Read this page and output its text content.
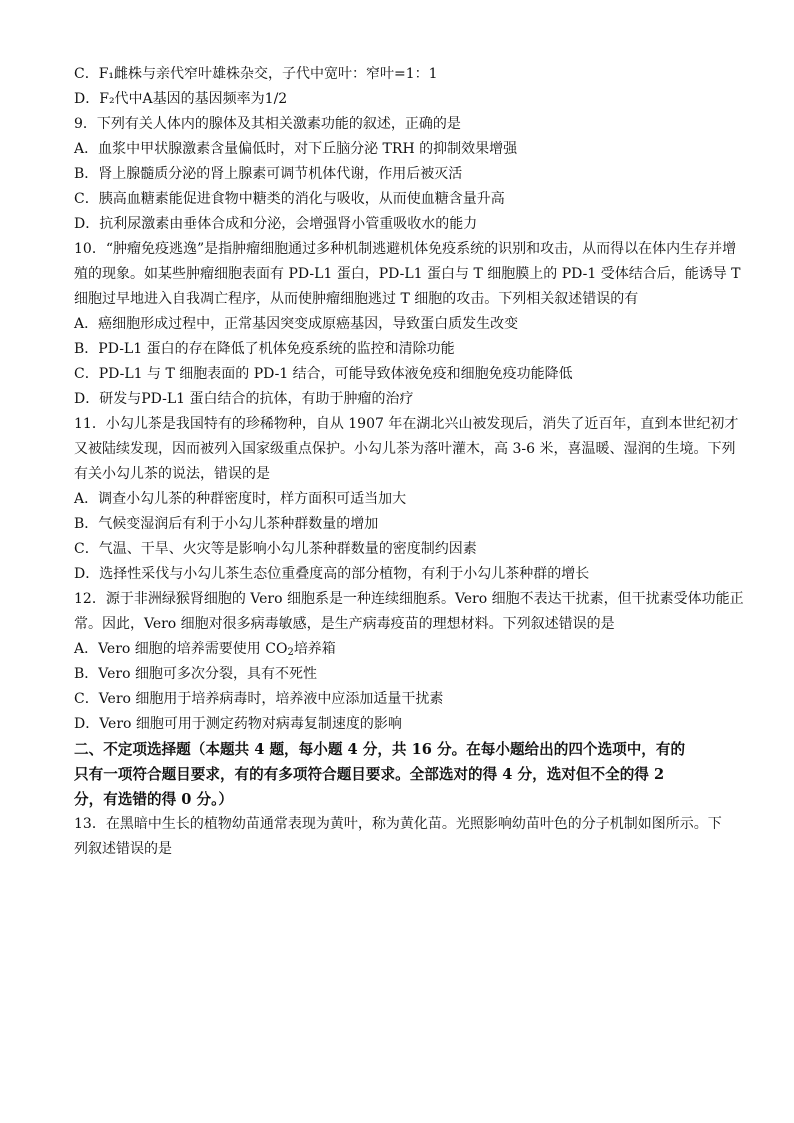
C．F₁雌株与亲代窄叶雄株杂交，子代中宽叶：窄叶=1：1
D．F₂代中A基因的基因频率为1/2
9．下列有关人体内的腺体及其相关激素功能的叙述，正确的是
A．血浆中甲状腺激素含量偏低时，对下丘脑分泌 TRH 的抑制效果增强
B．肾上腺髓质分泌的肾上腺素可调节机体代谢，作用后被灭活
C．胰高血糖素能促进食物中糖类的消化与吸收，从而使血糖含量升高
D．抗利尿激素由垂体合成和分泌，会增强肾小管重吸收水的能力
10．“肿瘤免疫逃逸”是指肿瘤细胞通过多种机制逃避机体免疫系统的识别和攻击，从而得以在体内生存并增
殖的现象。如某些肿瘤细胞表面有 PD-L1 蛋白，PD-L1 蛋白与 T 细胞膜上的 PD-1 受体结合后，能诱导 T
细胞过早地进入自我凋亡程序，从而使肿瘤细胞逃过 T 细胞的攻击。下列相关叙述错误的有
A．癌细胞形成过程中，正常基因突变成原癌基因，导致蛋白质发生改变
B．PD-L1 蛋白的存在降低了机体免疫系统的监控和清除功能
C．PD-L1 与 T 细胞表面的 PD-1 结合，可能导致体液免疫和细胞免疫功能降低
D．研发与PD-L1 蛋白结合的抗体，有助于肿瘤的治疗
11．小勾儿茶是我国特有的珍稀物种，自从 1907 年在湖北兴山被发现后，消失了近百年，直到本世纪初才
又被陆续发现，因而被列入国家级重点保护。小勾儿茶为落叶灌木，高 3-6 米，喜温暖、湿润的生境。下列
有关小勾儿茶的说法，错误的是
A．调查小勾儿茶的种群密度时，样方面积可适当加大
B．气候变湿润后有利于小勾儿茶种群数量的增加
C．气温、干旱、火灾等是影响小勾儿茶种群数量的密度制约因素
D．选择性采伐与小勾儿茶生态位重叠度高的部分植物，有利于小勾儿茶种群的增长
12．源于非洲绿猴肾细胞的 Vero 细胞系是一种连续细胞系。Vero 细胞不表达干扰素，但干扰素受体功能正
常。因此，Vero 细胞对很多病毒敏感，是生产病毒疫苗的理想材料。下列叙述错误的是
A．Vero 细胞的培养需要使用 $CO_2$培养箱
B．Vero 细胞可多次分裂，具有不死性
C．Vero 细胞用于培养病毒时，培养液中应添加适量干扰素
D．Vero 细胞可用于测定药物对病毒复制速度的影响
二、不定项选择题（本题共 4 题，每小题 4 分，共 16 分。在每小题给出的四个选项中，有的
只有一项符合题目要求，有的有多项符合题目要求。全部选对的得 4 分，选对但不全的得 2
分，有选错的得 0 分。）
13．在黑暗中生长的植物幼苗通常表现为黄叶，称为黄化苗。光照影响幼苗叶色的分子机制如图所示。下
列叙述错误的是
